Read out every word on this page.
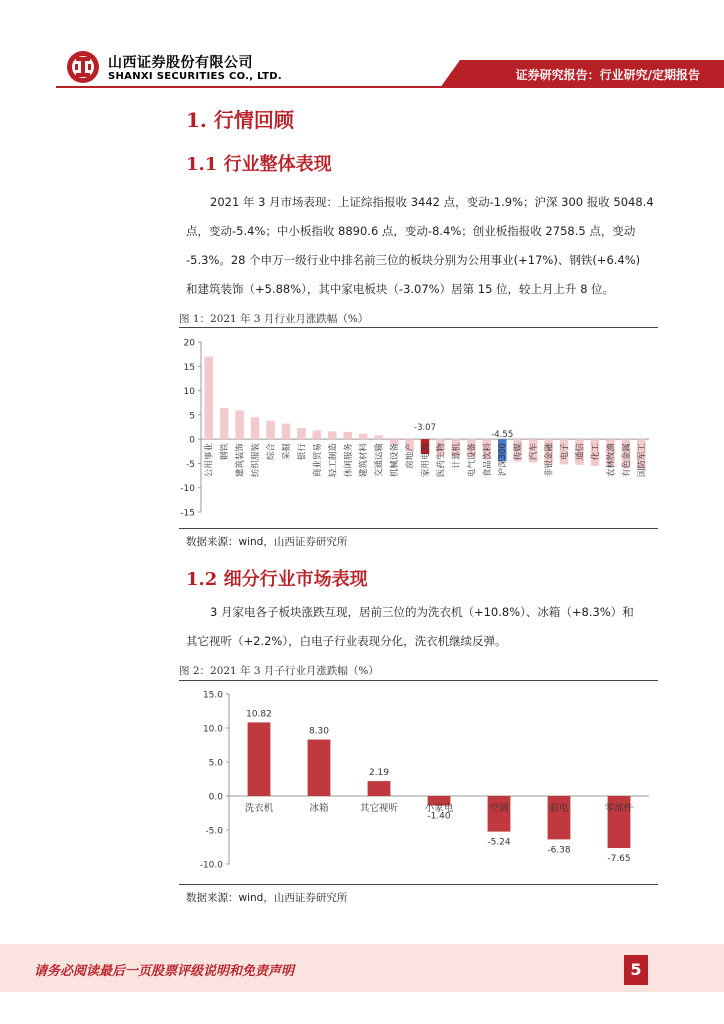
山西证券股份有限公司
SHANXI SECURITIES CO., LTD.	证券研究报告：行业研究/定期报告
1. 行情回顾
1.1 行业整体表现
2021 年 3 月市场表现：上证综指报收 3442 点，变动-1.9%；沪深 300 报收 5048.4
点，变动-5.4%；中小板指收 8890.6 点，变动-8.4%；创业板指报收 2758.5 点，变动
-5.3%。28 个申万一级行业中排名前三位的板块分别为公用事业(+17%)、钢铁(+6.4%)
和建筑装饰（+5.88%），其中家电板块（-3.07%）居第 15 位，较上月上升 8 位。
图 1：2021 年 3 月行业月涨跌幅（%）
20
15
10
5
0
-5
-10
-15
公用事业 钢铁 建筑装饰 纺织服装 综合 采掘 银行 商业贸易 轻工制造 休闲服务 建筑材料 交通运输 机械设备 房地产
-3.07
家用电器 医药生物 计算机 电气设备 食品饮料
-4.55
沪深300 传媒 汽车 非银金融 电子 通信 化工 农林牧渔 有色金属 国防军工
数据来源：wind，山西证券研究所
1.2 细分行业市场表现
3 月家电各子板块涨跌互现，居前三位的为洗衣机（+10.8%）、冰箱（+8.3%）和
其它视听（+2.2%），白电子行业表现分化，洗衣机继续反弹。
图 2：2021 年 3 月子行业月涨跌幅（%）
15.0
10.0
5.0
0.0
-5.0
-10.0
10.82
洗衣机
8.30
冰箱
2.19
其它视听
-1.40
小家电
-5.24
空调
-6.38
彩电
-7.65
零部件
数据来源：wind，山西证券研究所
请务必阅读最后一页股票评级说明和免责声明	5
